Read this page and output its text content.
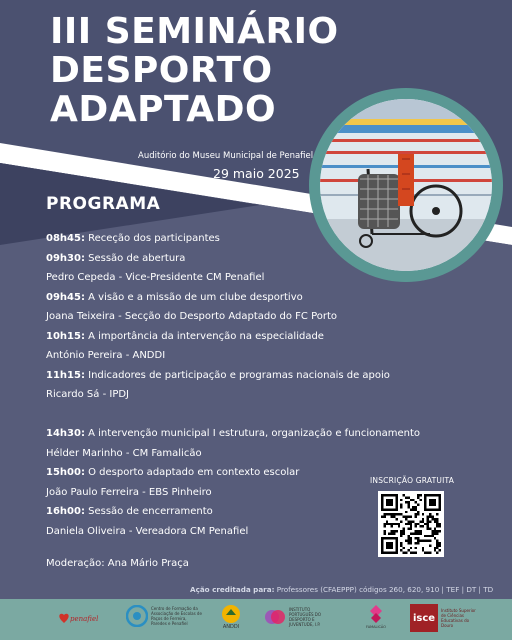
III SEMINÁRIO
DESPORTO
ADAPTADO
Auditório do Museu Municipal de Penafiel
29 maio 2025
PROGRAMA
08h45: Receção dos participantes
09h30: Sessão de abertura
Pedro Cepeda - Vice-Presidente CM Penafiel
09h45: A visão e a missão de um clube desportivo
Joana Teixeira - Secção do Desporto Adaptado do FC Porto
10h15: A importância da intervenção na especialidade
António Pereira - ANDDI
11h15: Indicadores de participação e programas nacionais de apoio
Ricardo Sá - IPDJ
14h30: A intervenção municipal I estrutura, organização e funcionamento
Hélder Marinho - CM Famalicão
15h00: O desporto adaptado em contexto escolar
João Paulo Ferreira - EBS Pinheiro
16h00: Sessão de encerramento
Daniela Oliveira - Vereadora CM Penafiel
Moderação: Ana Mário Praça
INSCRIÇÃO GRATUITA
Ação creditada para: Professores (CFAEPPP) códigos 260, 620, 910 | TEF | DT | TD
penafiel
Centro de Formação da Associação de Escolas de Paços de Ferreira, Paredes e Penafiel
ANDDI
INSTITUTO PORTUGUÊS DO DESPORTO E JUVENTUDE, I.P.	FAMALICÃO
isce
Instituto Superior de Ciências Educativas do Douro
